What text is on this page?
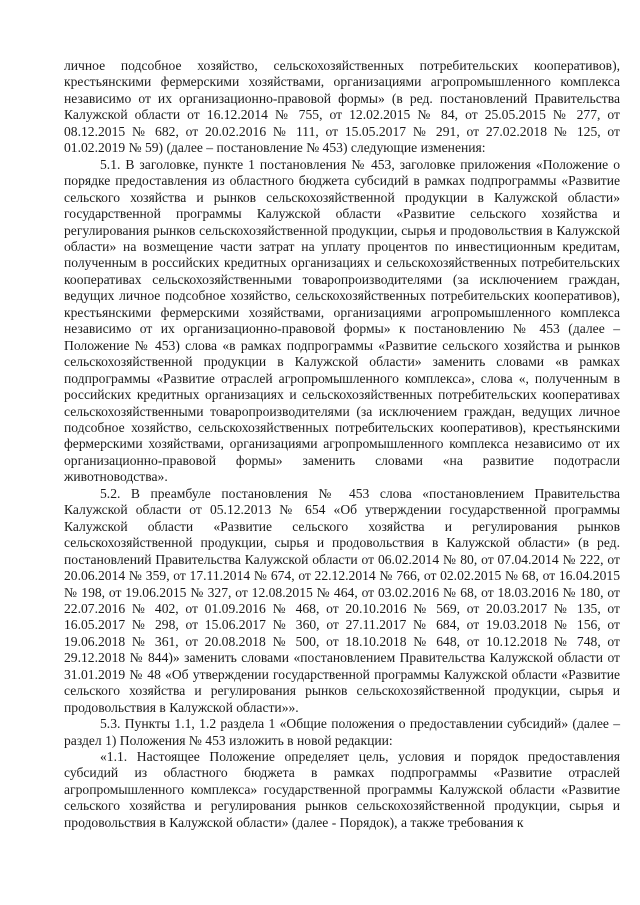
личное подсобное хозяйство, сельскохозяйственных потребительских кооперативов), крестьянскими фермерскими хозяйствами, организациями агропромышленного комплекса независимо от их организационно-правовой формы» (в ред. постановлений Правительства Калужской области от 16.12.2014 № 755, от 12.02.2015 № 84, от 25.05.2015 № 277, от 08.12.2015 № 682, от 20.02.2016 № 111, от 15.05.2017 № 291, от 27.02.2018 № 125, от 01.02.2019 № 59) (далее – постановление № 453) следующие изменения:

5.1. В заголовке, пункте 1 постановления № 453, заголовке приложения «Положение о порядке предоставления из областного бюджета субсидий в рамках подпрограммы «Развитие сельского хозяйства и рынков сельскохозяйственной продукции в Калужской области» государственной программы Калужской области «Развитие сельского хозяйства и регулирования рынков сельскохозяйственной продукции, сырья и продовольствия в Калужской области» на возмещение части затрат на уплату процентов по инвестиционным кредитам, полученным в российских кредитных организациях и сельскохозяйственных потребительских кооперативах сельскохозяйственными товаропроизводителями (за исключением граждан, ведущих личное подсобное хозяйство, сельскохозяйственных потребительских кооперативов), крестьянскими фермерскими хозяйствами, организациями агропромышленного комплекса независимо от их организационно-правовой формы» к постановлению № 453 (далее – Положение № 453) слова «в рамках подпрограммы «Развитие сельского хозяйства и рынков сельскохозяйственной продукции в Калужской области» заменить словами «в рамках подпрограммы «Развитие отраслей агропромышленного комплекса», слова «, полученным в российских кредитных организациях и сельскохозяйственных потребительских кооперативах сельскохозяйственными товаропроизводителями (за исключением граждан, ведущих личное подсобное хозяйство, сельскохозяйственных потребительских кооперативов), крестьянскими фермерскими хозяйствами, организациями агропромышленного комплекса независимо от их организационно-правовой формы» заменить словами «на развитие подотрасли животноводства».

5.2. В преамбуле постановления № 453 слова «постановлением Правительства Калужской области от 05.12.2013 № 654 «Об утверждении государственной программы Калужской области «Развитие сельского хозяйства и регулирования рынков сельскохозяйственной продукции, сырья и продовольствия в Калужской области» (в ред. постановлений Правительства Калужской области от 06.02.2014 № 80, от 07.04.2014 № 222, от 20.06.2014 № 359, от 17.11.2014 № 674, от 22.12.2014 № 766, от 02.02.2015 № 68, от 16.04.2015 № 198, от 19.06.2015 № 327, от 12.08.2015 № 464, от 03.02.2016 № 68, от 18.03.2016 № 180, от 22.07.2016 № 402, от 01.09.2016 № 468, от 20.10.2016 № 569, от 20.03.2017 № 135, от 16.05.2017 № 298, от 15.06.2017 № 360, от 27.11.2017 № 684, от 19.03.2018 № 156, от 19.06.2018 № 361, от 20.08.2018 № 500, от 18.10.2018 № 648, от 10.12.2018 № 748, от 29.12.2018 № 844)» заменить словами «постановлением Правительства Калужской области от 31.01.2019 № 48 «Об утверждении государственной программы Калужской области «Развитие сельского хозяйства и регулирования рынков сельскохозяйственной продукции, сырья и продовольствия в Калужской области»».

5.3. Пункты 1.1, 1.2 раздела 1 «Общие положения о предоставлении субсидий» (далее – раздел 1) Положения № 453 изложить в новой редакции:

«1.1. Настоящее Положение определяет цель, условия и порядок предоставления субсидий из областного бюджета в рамках подпрограммы «Развитие отраслей агропромышленного комплекса» государственной программы Калужской области «Развитие сельского хозяйства и регулирования рынков сельскохозяйственной продукции, сырья и продовольствия в Калужской области» (далее - Порядок), а также требования к
